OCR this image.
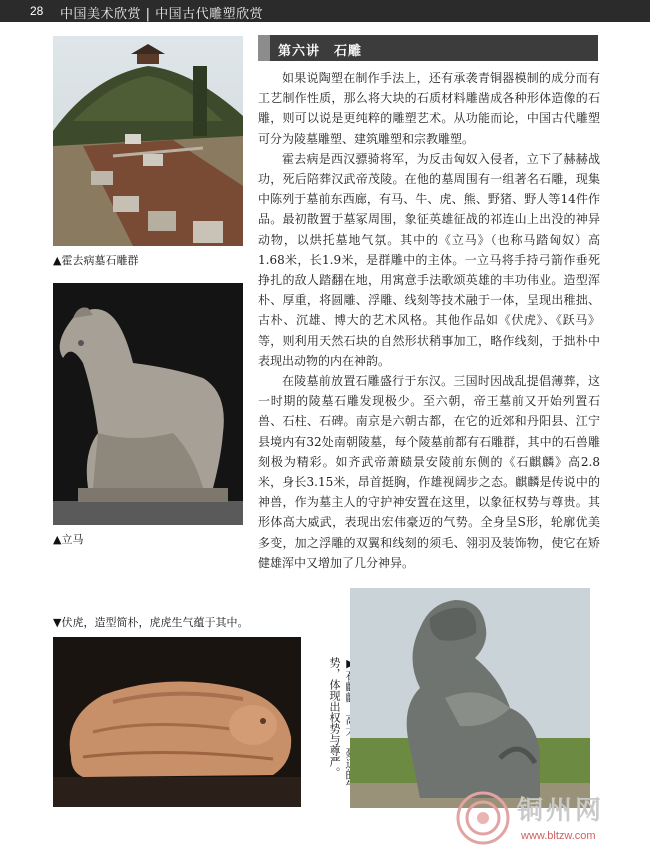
28 中国美术欣赏 | 中国古代雕塑欣赏
▲霍去病墓石雕群
▲立马
第六讲　石雕

如果说陶塑在制作手法上，还有承袭青铜器模制的成分而有工艺制作性质，那么将大块的石质材料雕凿成各种形体造像的石雕，则可以说是更纯粹的雕塑艺术。从功能而论，中国古代雕塑可分为陵墓雕塑、建筑雕塑和宗教雕塑。

霍去病是西汉骠骑将军，为反击匈奴入侵者，立下了赫赫战功，死后陪葬汉武帝茂陵。在他的墓周围有一组著名石雕，现集中陈列于墓前东西廊，有马、牛、虎、熊、野猪、野人等14件作品。最初散置于墓冢周围，象征英雄征战的祁连山上出没的神异动物，以烘托墓地气氛。其中的《立马》（也称马踏匈奴）高1.68米，长1.9米，是群雕中的主体。一立马将手持弓箭作垂死挣扎的敌人踏翻在地，用寓意手法歌颂英雄的丰功伟业。造型浑朴、厚重，将圆雕、浮雕、线刻等技术融于一体，呈现出稚拙、古朴、沉雄、博大的艺术风格。其他作品如《伏虎》、《跃马》等，则利用天然石块的自然形状稍事加工，略作线刻，于拙朴中表现出动物的内在神韵。

在陵墓前放置石雕盛行于东汉。三国时因战乱提倡薄葬，这一时期的陵墓石雕发现极少。至六朝，帝王墓前又开始列置石兽、石柱、石碑。南京是六朝古都，在它的近郊和丹阳县、江宁县境内有32处南朝陵墓，每个陵墓前都有石雕群，其中的石兽雕刻极为精彩。如齐武帝萧赜景安陵前东侧的《石麒麟》高2.8米，身长3.15米，昂首挺胸，作雄视阔步之态。麒麟是传说中的神兽，作为墓主人的守护神安置在这里，以象征权势与尊贵。其形体高大威武，表现出宏伟豪迈的气势。全身呈S形，轮廓优美多变，加之浮雕的双翼和线刻的须毛、翎羽及装饰物，使它在矫健雄浑中又增加了几分神异。

▼伏虎，造型简朴，虎虎生气蕴于其中。
势，体现出权势与尊严。
铜州网
www.bltzw.com
